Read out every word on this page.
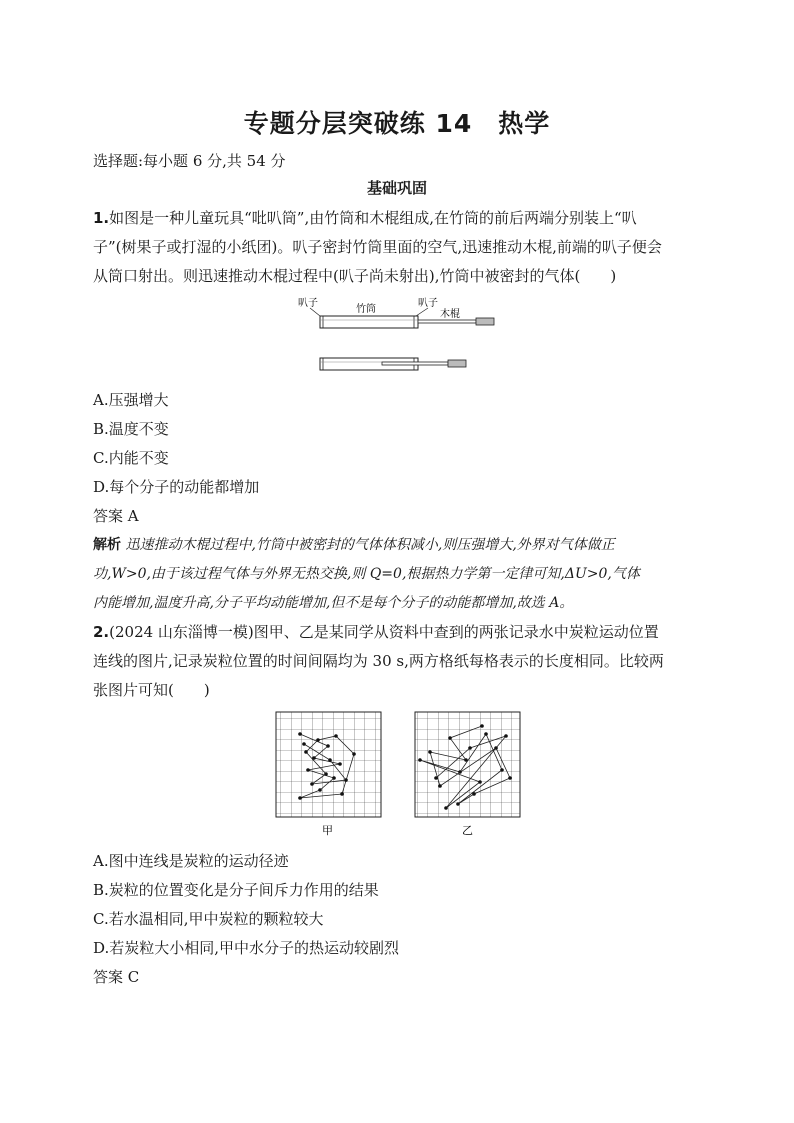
专题分层突破练 14　热学
选择题:每小题 6 分,共 54 分
基础巩固
1.如图是一种儿童玩具“吡叭筒”,由竹筒和木棍组成,在竹筒的前后两端分别装上“叭
子”(树果子或打湿的小纸团)。叭子密封竹筒里面的空气,迅速推动木棍,前端的叭子便会
从筒口射出。则迅速推动木棍过程中(叭子尚未射出),竹筒中被密封的气体(　　)
叭子
竹筒
叭子
木棍
A.压强增大
B.温度不变
C.内能不变
D.每个分子的动能都增加
答案 A
解析 迅速推动木棍过程中,竹筒中被密封的气体体积减小,则压强增大,外界对气体做正
功,W>0,由于该过程气体与外界无热交换,则 Q=0,根据热力学第一定律可知,ΔU>0,气体
内能增加,温度升高,分子平均动能增加,但不是每个分子的动能都增加,故选 A。
2.(2024 山东淄博一模)图甲、乙是某同学从资料中查到的两张记录水中炭粒运动位置
连线的图片,记录炭粒位置的时间间隔均为 30 s,两方格纸每格表示的长度相同。比较两
张图片可知(　　)
甲	乙
A.图中连线是炭粒的运动径迹
B.炭粒的位置变化是分子间斥力作用的结果
C.若水温相同,甲中炭粒的颗粒较大
D.若炭粒大小相同,甲中水分子的热运动较剧烈
答案 C
